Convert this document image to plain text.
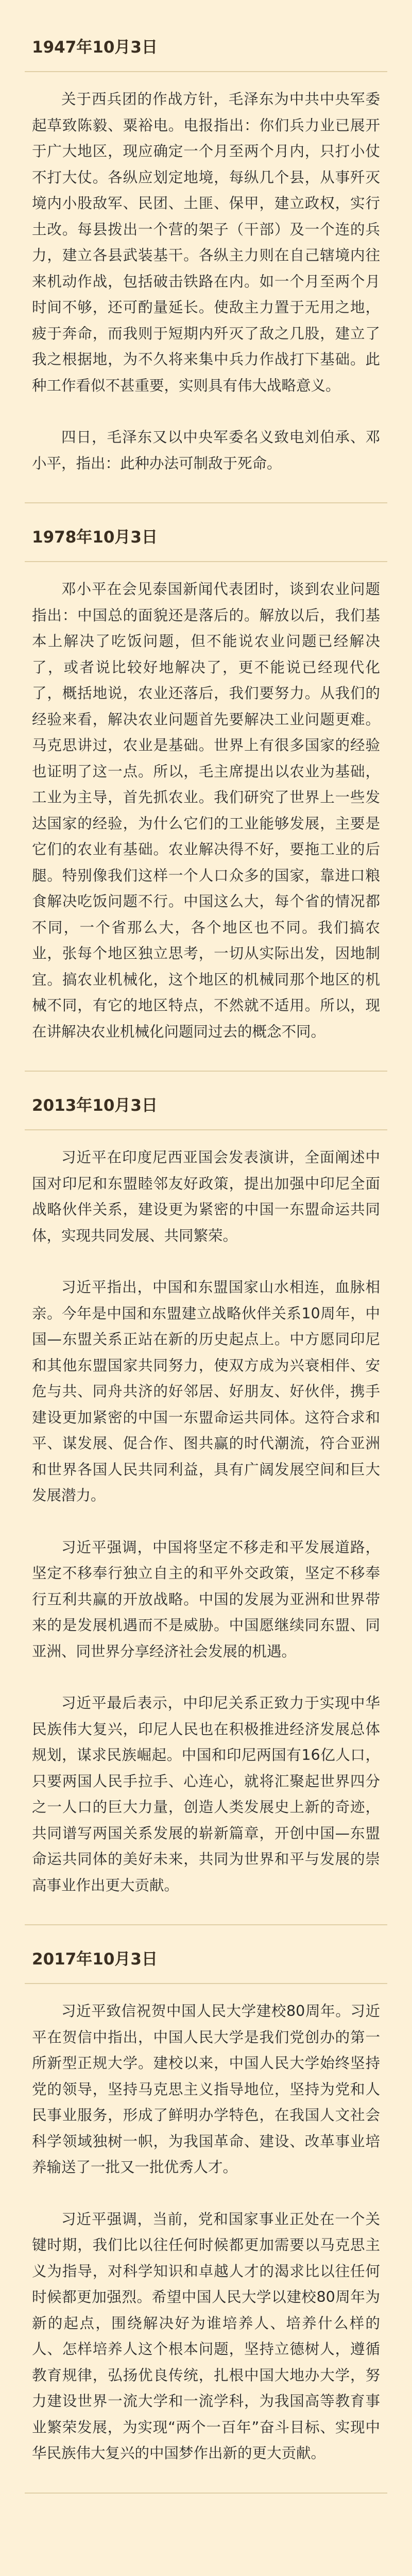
1947年10月3日

关于西兵团的作战方针，毛泽东为中共中央军委起草致陈毅、粟裕电。电报指出：你们兵力业已展开于广大地区，现应确定一个月至两个月内，只打小仗不打大仗。各纵应划定地境，每纵几个县，从事歼灭境内小股敌军、民团、土匪、保甲，建立政权，实行土改。每县拨出一个营的架子（干部）及一个连的兵力，建立各县武装基干。各纵主力则在自己辖境内往来机动作战，包括破击铁路在内。如一个月至两个月时间不够，还可酌量延长。使敌主力置于无用之地，疲于奔命，而我则于短期内歼灭了敌之几股，建立了我之根据地，为不久将来集中兵力作战打下基础。此种工作看似不甚重要，实则具有伟大战略意义。

四日，毛泽东又以中央军委名义致电刘伯承、邓小平，指出：此种办法可制敌于死命。

1978年10月3日

邓小平在会见泰国新闻代表团时，谈到农业问题指出：中国总的面貌还是落后的。解放以后，我们基本上解决了吃饭问题，但不能说农业问题已经解决了，或者说比较好地解决了，更不能说已经现代化了，概括地说，农业还落后，我们要努力。从我们的经验来看，解决农业问题首先要解决工业问题更难。马克思讲过，农业是基础。世界上有很多国家的经验也证明了这一点。所以，毛主席提出以农业为基础，工业为主导，首先抓农业。我们研究了世界上一些发达国家的经验，为什么它们的工业能够发展，主要是它们的农业有基础。农业解决得不好，要拖工业的后腿。特别像我们这样一个人口众多的国家，靠进口粮食解决吃饭问题不行。中国这么大，每个省的情况都不同，一个省那么大，各个地区也不同。我们搞农业，张每个地区独立思考，一切从实际出发，因地制宜。搞农业机械化，这个地区的机械同那个地区的机械不同，有它的地区特点，不然就不适用。所以，现在讲解决农业机械化问题同过去的概念不同。

2013年10月3日

习近平在印度尼西亚国会发表演讲，全面阐述中国对印尼和东盟睦邻友好政策，提出加强中印尼全面战略伙伴关系，建设更为紧密的中国一东盟命运共同体，实现共同发展、共同繁荣。

习近平指出，中国和东盟国家山水相连，血脉相亲。今年是中国和东盟建立战略伙伴关系10周年，中国—东盟关系正站在新的历史起点上。中方愿同印尼和其他东盟国家共同努力，使双方成为兴衰相伴、安危与共、同舟共济的好邻居、好朋友、好伙伴，携手建设更加紧密的中国一东盟命运共同体。这符合求和平、谋发展、促合作、图共赢的时代潮流，符合亚洲和世界各国人民共同利益，具有广阔发展空间和巨大发展潜力。

习近平强调，中国将坚定不移走和平发展道路，坚定不移奉行独立自主的和平外交政策，坚定不移奉行互利共赢的开放战略。中国的发展为亚洲和世界带来的是发展机遇而不是威胁。中国愿继续同东盟、同亚洲、同世界分享经济社会发展的机遇。

习近平最后表示，中印尼关系正致力于实现中华民族伟大复兴，印尼人民也在积极推进经济发展总体规划，谋求民族崛起。中国和印尼两国有16亿人口，只要两国人民手拉手、心连心，就将汇聚起世界四分之一人口的巨大力量，创造人类发展史上新的奇迹，共同谱写两国关系发展的崭新篇章，开创中国—东盟命运共同体的美好未来，共同为世界和平与发展的崇高事业作出更大贡献。

2017年10月3日

习近平致信祝贺中国人民大学建校80周年。习近平在贺信中指出，中国人民大学是我们党创办的第一所新型正规大学。建校以来，中国人民大学始终坚持党的领导，坚持马克思主义指导地位，坚持为党和人民事业服务，形成了鲜明办学特色，在我国人文社会科学领域独树一帜，为我国革命、建设、改革事业培养输送了一批又一批优秀人才。

习近平强调，当前，党和国家事业正处在一个关键时期，我们比以往任何时候都更加需要以马克思主义为指导，对科学知识和卓越人才的渴求比以往任何时候都更加强烈。希望中国人民大学以建校80周年为新的起点，围绕解决好为谁培养人、培养什么样的人、怎样培养人这个根本问题，坚持立德树人，遵循教育规律，弘扬优良传统，扎根中国大地办大学，努力建设世界一流大学和一流学科，为我国高等教育事业繁荣发展，为实现“两个一百年”奋斗目标、实现中华民族伟大复兴的中国梦作出新的更大贡献。
